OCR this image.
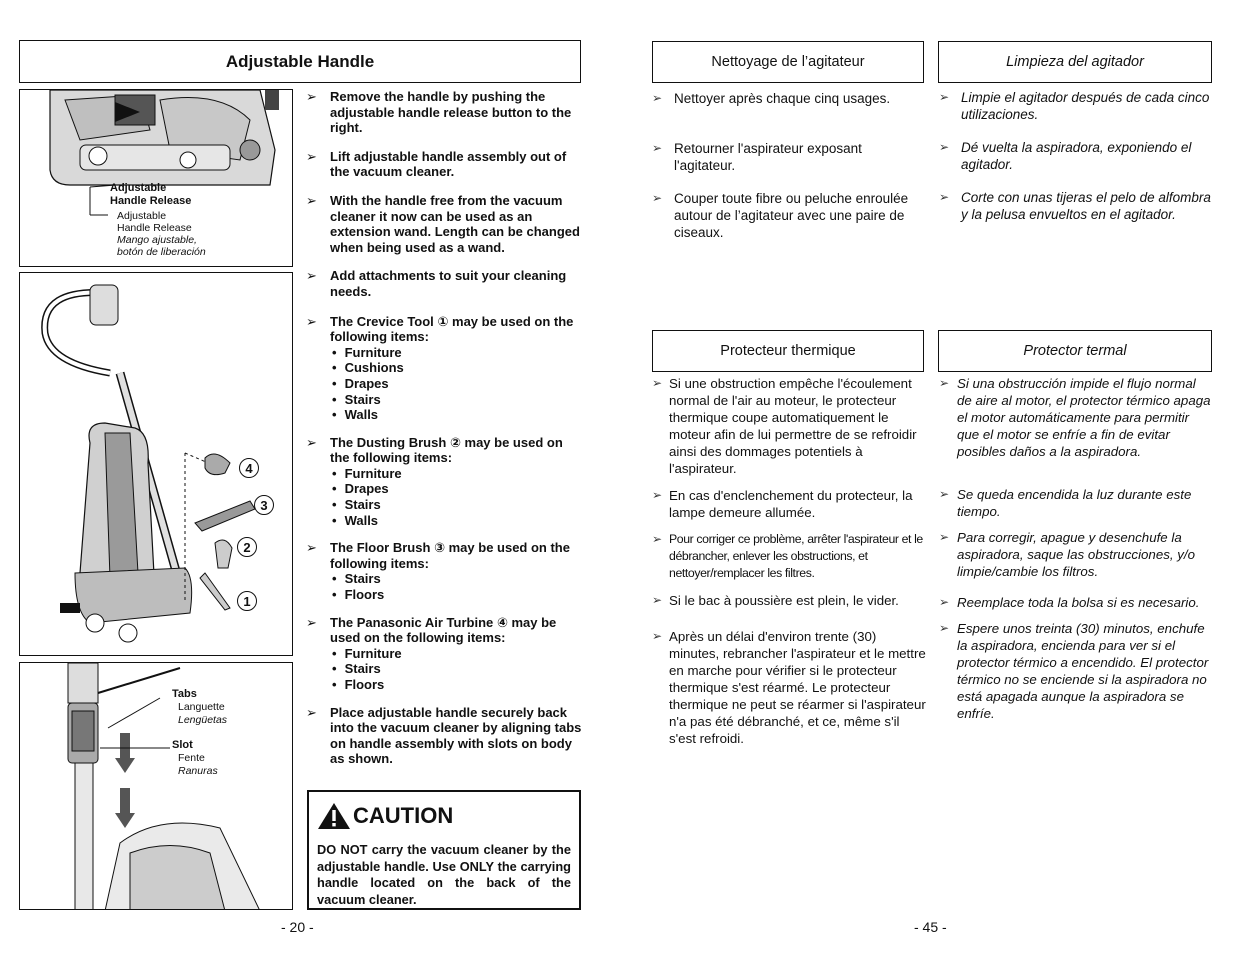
Adjustable Handle
Adjustable
Handle Release
Adjustable
Handle Release
Mango ajustable,
botón de liberación
4
3
2
1
Tabs
Languette
Lengüetas
Slot
Fente
Ranuras
➢ Remove the handle by pushing the adjustable handle release button to the right.
➢ Lift adjustable handle assembly out of the vacuum cleaner.
➢ With the handle free from the vacuum cleaner it now can be used as an extension wand. Length can be changed when being used as a wand.
➢ Add attachments to suit your cleaning needs.
➢ The Crevice Tool ① may be used on the following items:
• Furniture
• Cushions
• Drapes
• Stairs
• Walls
➢ The Dusting Brush ② may be used on the following items:
• Furniture
• Drapes
• Stairs
• Walls
➢ The Floor Brush ③ may be used on the following items:
• Stairs
• Floors
➢ The Panasonic Air Turbine ④ may be used on the following items:
• Furniture
• Stairs
• Floors
➢ Place adjustable handle securely back into the vacuum cleaner by aligning tabs on handle assembly with slots on body as shown.
CAUTION
DO NOT carry the vacuum cleaner by the adjustable handle. Use ONLY the carrying handle located on the back of the vacuum cleaner.
- 20 -
Nettoyage de l’agitateur	Limpieza del agitador
➢ Nettoyer après chaque cinq usages.
➢ Retourner l'aspirateur exposant l'agitateur.
➢ Couper toute fibre ou peluche enroulée autour de l’agitateur avec une paire de ciseaux.
➢ Limpie el agitador después de cada cinco utilizaciones.
➢ Dé vuelta la aspiradora, exponiendo el agitador.
➢ Corte con unas tijeras el pelo de alfombra y la pelusa envueltos en el agitador.
Protecteur thermique	Protector termal
➢ Si une obstruction empêche l'écoulement normal de l'air au moteur, le protecteur thermique coupe automatiquement le moteur afin de lui permettre de se refroidir ainsi des dommages potentiels à l'aspirateur.
➢ En cas d'enclenchement du protecteur, la lampe demeure allumée.
➢ Pour corriger ce problème, arrêter l'aspirateur et le débrancher, enlever les obstructions, et nettoyer/remplacer les filtres.
➢ Si le bac à poussière est plein, le vider.
➢ Après un délai d'environ trente (30) minutes, rebrancher l'aspirateur et le mettre en marche pour vérifier si le protecteur thermique s'est réarmé. Le protecteur thermique ne peut se réarmer si l'aspirateur n'a pas été débranché, et ce, même s'il s'est refroidi.
➢ Si una obstrucción impide el flujo normal de aire al motor, el protector térmico apaga el motor automáticamente para permitir que el motor se enfríe a fin de evitar posibles daños a la aspiradora.
➢ Se queda encendida la luz durante este tiempo.
➢ Para corregir, apague y desenchufe la aspiradora, saque las obstrucciones, y/o limpie/cambie los filtros.
➢ Reemplace toda la bolsa si es necesario.
➢ Espere unos treinta (30) minutos, enchufe la aspiradora, encienda para ver si el protector térmico a encendido. El protector térmico no se enciende si la aspiradora no está apagada aunque la aspiradora se enfríe.
- 45 -
